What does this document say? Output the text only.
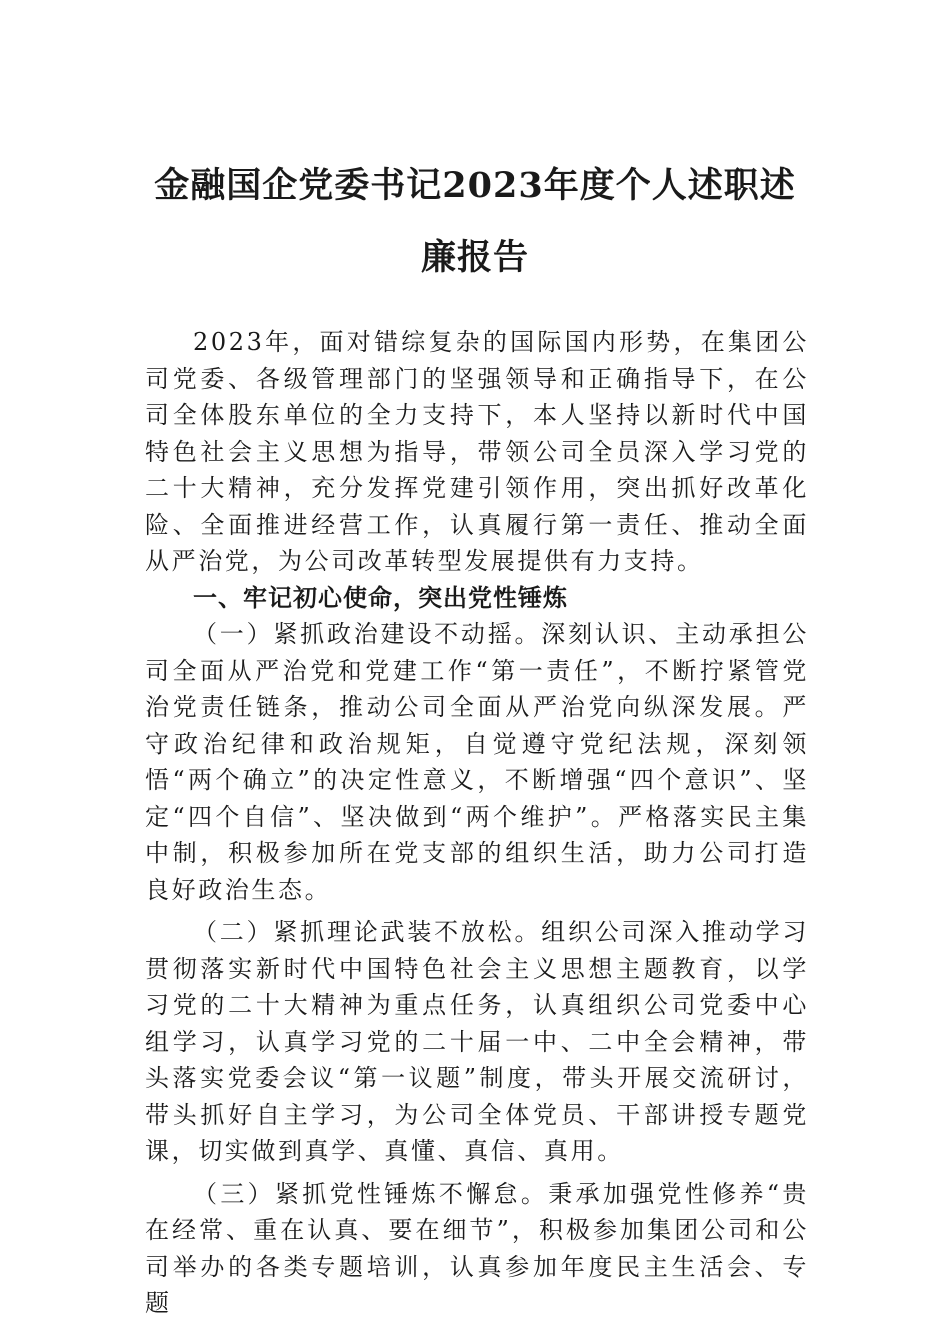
金融国企党委书记2023年度个人述职述廉报告

2023年，面对错综复杂的国际国内形势，在集团公司党委、各级管理部门的坚强领导和正确指导下，在公司全体股东单位的全力支持下，本人坚持以新时代中国特色社会主义思想为指导，带领公司全员深入学习党的二十大精神，充分发挥党建引领作用，突出抓好改革化险、全面推进经营工作，认真履行第一责任、推动全面从严治党，为公司改革转型发展提供有力支持。

一、牢记初心使命，突出党性锤炼

（一）紧抓政治建设不动摇。深刻认识、主动承担公司全面从严治党和党建工作“第一责任”，不断拧紧管党治党责任链条，推动公司全面从严治党向纵深发展。严守政治纪律和政治规矩，自觉遵守党纪法规，深刻领悟“两个确立”的决定性意义，不断增强“四个意识”、坚定“四个自信”、坚决做到“两个维护”。严格落实民主集中制，积极参加所在党支部的组织生活，助力公司打造良好政治生态。

（二）紧抓理论武装不放松。组织公司深入推动学习贯彻落实新时代中国特色社会主义思想主题教育，以学习党的二十大精神为重点任务，认真组织公司党委中心组学习，认真学习党的二十届一中、二中全会精神，带头落实党委会议“第一议题”制度，带头开展交流研讨，带头抓好自主学习，为公司全体党员、干部讲授专题党课，切实做到真学、真懂、真信、真用。

（三）紧抓党性锤炼不懈怠。秉承加强党性修养“贵在经常、重在认真、要在细节”，积极参加集团公司和公司举办的各类专题培训，认真参加年度民主生活会、专题
